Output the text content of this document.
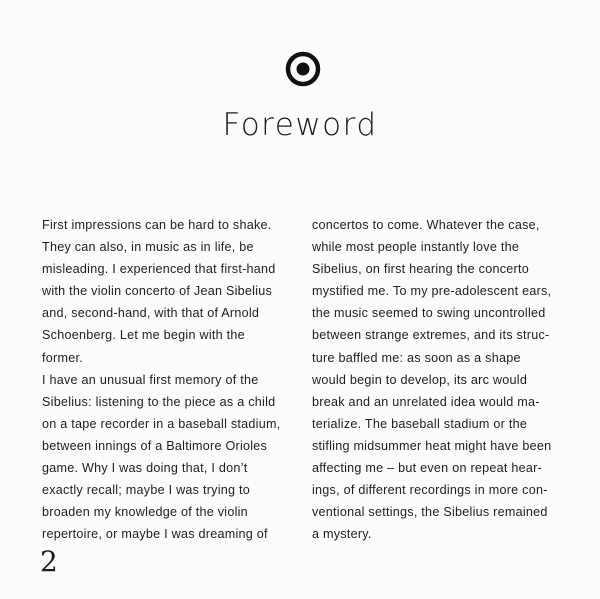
Foreword

First impressions can be hard to shake.
They can also, in music as in life, be
misleading. I experienced that first-hand
with the violin concerto of Jean Sibelius
and, second-hand, with that of Arnold
Schoenberg. Let me begin with the
former.

I have an unusual first memory of the
Sibelius: listening to the piece as a child
on a tape recorder in a baseball stadium,
between innings of a Baltimore Orioles
game. Why I was doing that, I don’t
exactly recall; maybe I was trying to
broaden my knowledge of the violin
repertoire, or maybe I was dreaming of

concertos to come. Whatever the case,
while most people instantly love the
Sibelius, on first hearing the concerto
mystified me. To my pre-adolescent ears,
the music seemed to swing uncontrolled
between strange extremes, and its struc-
ture baffled me: as soon as a shape
would begin to develop, its arc would
break and an unrelated idea would ma-
terialize. The baseball stadium or the
stifling midsummer heat might have been
affecting me – but even on repeat hear-
ings, of different recordings in more con-
ventional settings, the Sibelius remained
a mystery.

2
